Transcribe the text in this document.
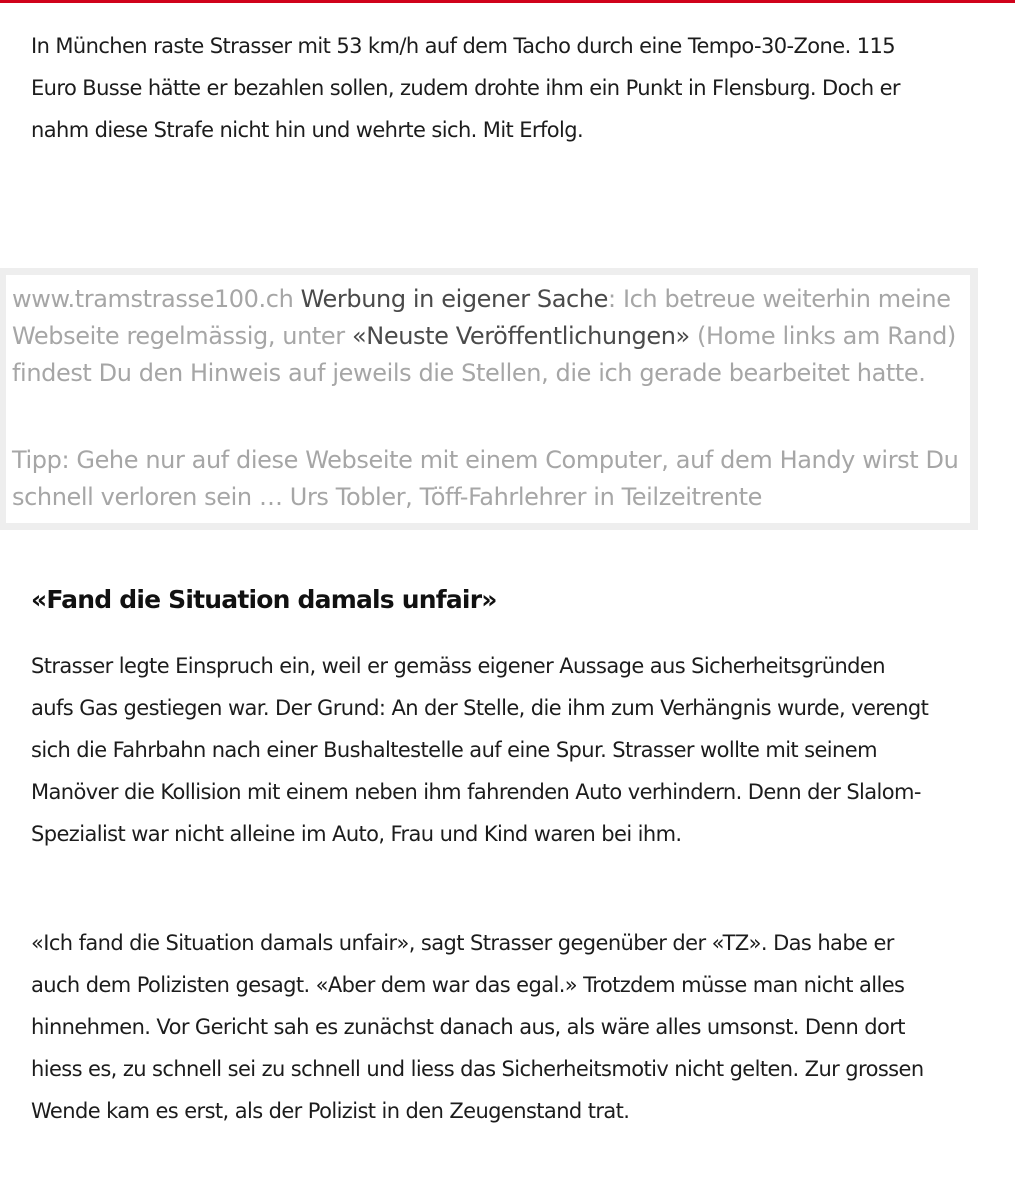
In München raste Strasser mit 53 km/h auf dem Tacho durch eine Tempo-30-Zone. 115 Euro Busse hätte er bezahlen sollen, zudem drohte ihm ein Punkt in Flensburg. Doch er nahm diese Strafe nicht hin und wehrte sich. Mit Erfolg.

www.tramstrasse100.ch Werbung in eigener Sache: Ich betreue weiterhin meine Webseite regelmässig, unter «Neuste Veröffentlichungen» (Home links am Rand) findest Du den Hinweis auf jeweils die Stellen, die ich gerade bearbeitet hatte.

Tipp: Gehe nur auf diese Webseite mit einem Computer, auf dem Handy wirst Du schnell verloren sein … Urs Tobler, Töff-Fahrlehrer in Teilzeitrente

«Fand die Situation damals unfair»

Strasser legte Einspruch ein, weil er gemäss eigener Aussage aus Sicherheitsgründen aufs Gas gestiegen war. Der Grund: An der Stelle, die ihm zum Verhängnis wurde, verengt sich die Fahrbahn nach einer Bushaltestelle auf eine Spur. Strasser wollte mit seinem Manöver die Kollision mit einem neben ihm fahrenden Auto verhindern. Denn der Slalom-Spezialist war nicht alleine im Auto, Frau und Kind waren bei ihm.

«Ich fand die Situation damals unfair», sagt Strasser gegenüber der «TZ». Das habe er auch dem Polizisten gesagt. «Aber dem war das egal.» Trotzdem müsse man nicht alles hinnehmen. Vor Gericht sah es zunächst danach aus, als wäre alles umsonst. Denn dort hiess es, zu schnell sei zu schnell und liess das Sicherheitsmotiv nicht gelten. Zur grossen Wende kam es erst, als der Polizist in den Zeugenstand trat.
